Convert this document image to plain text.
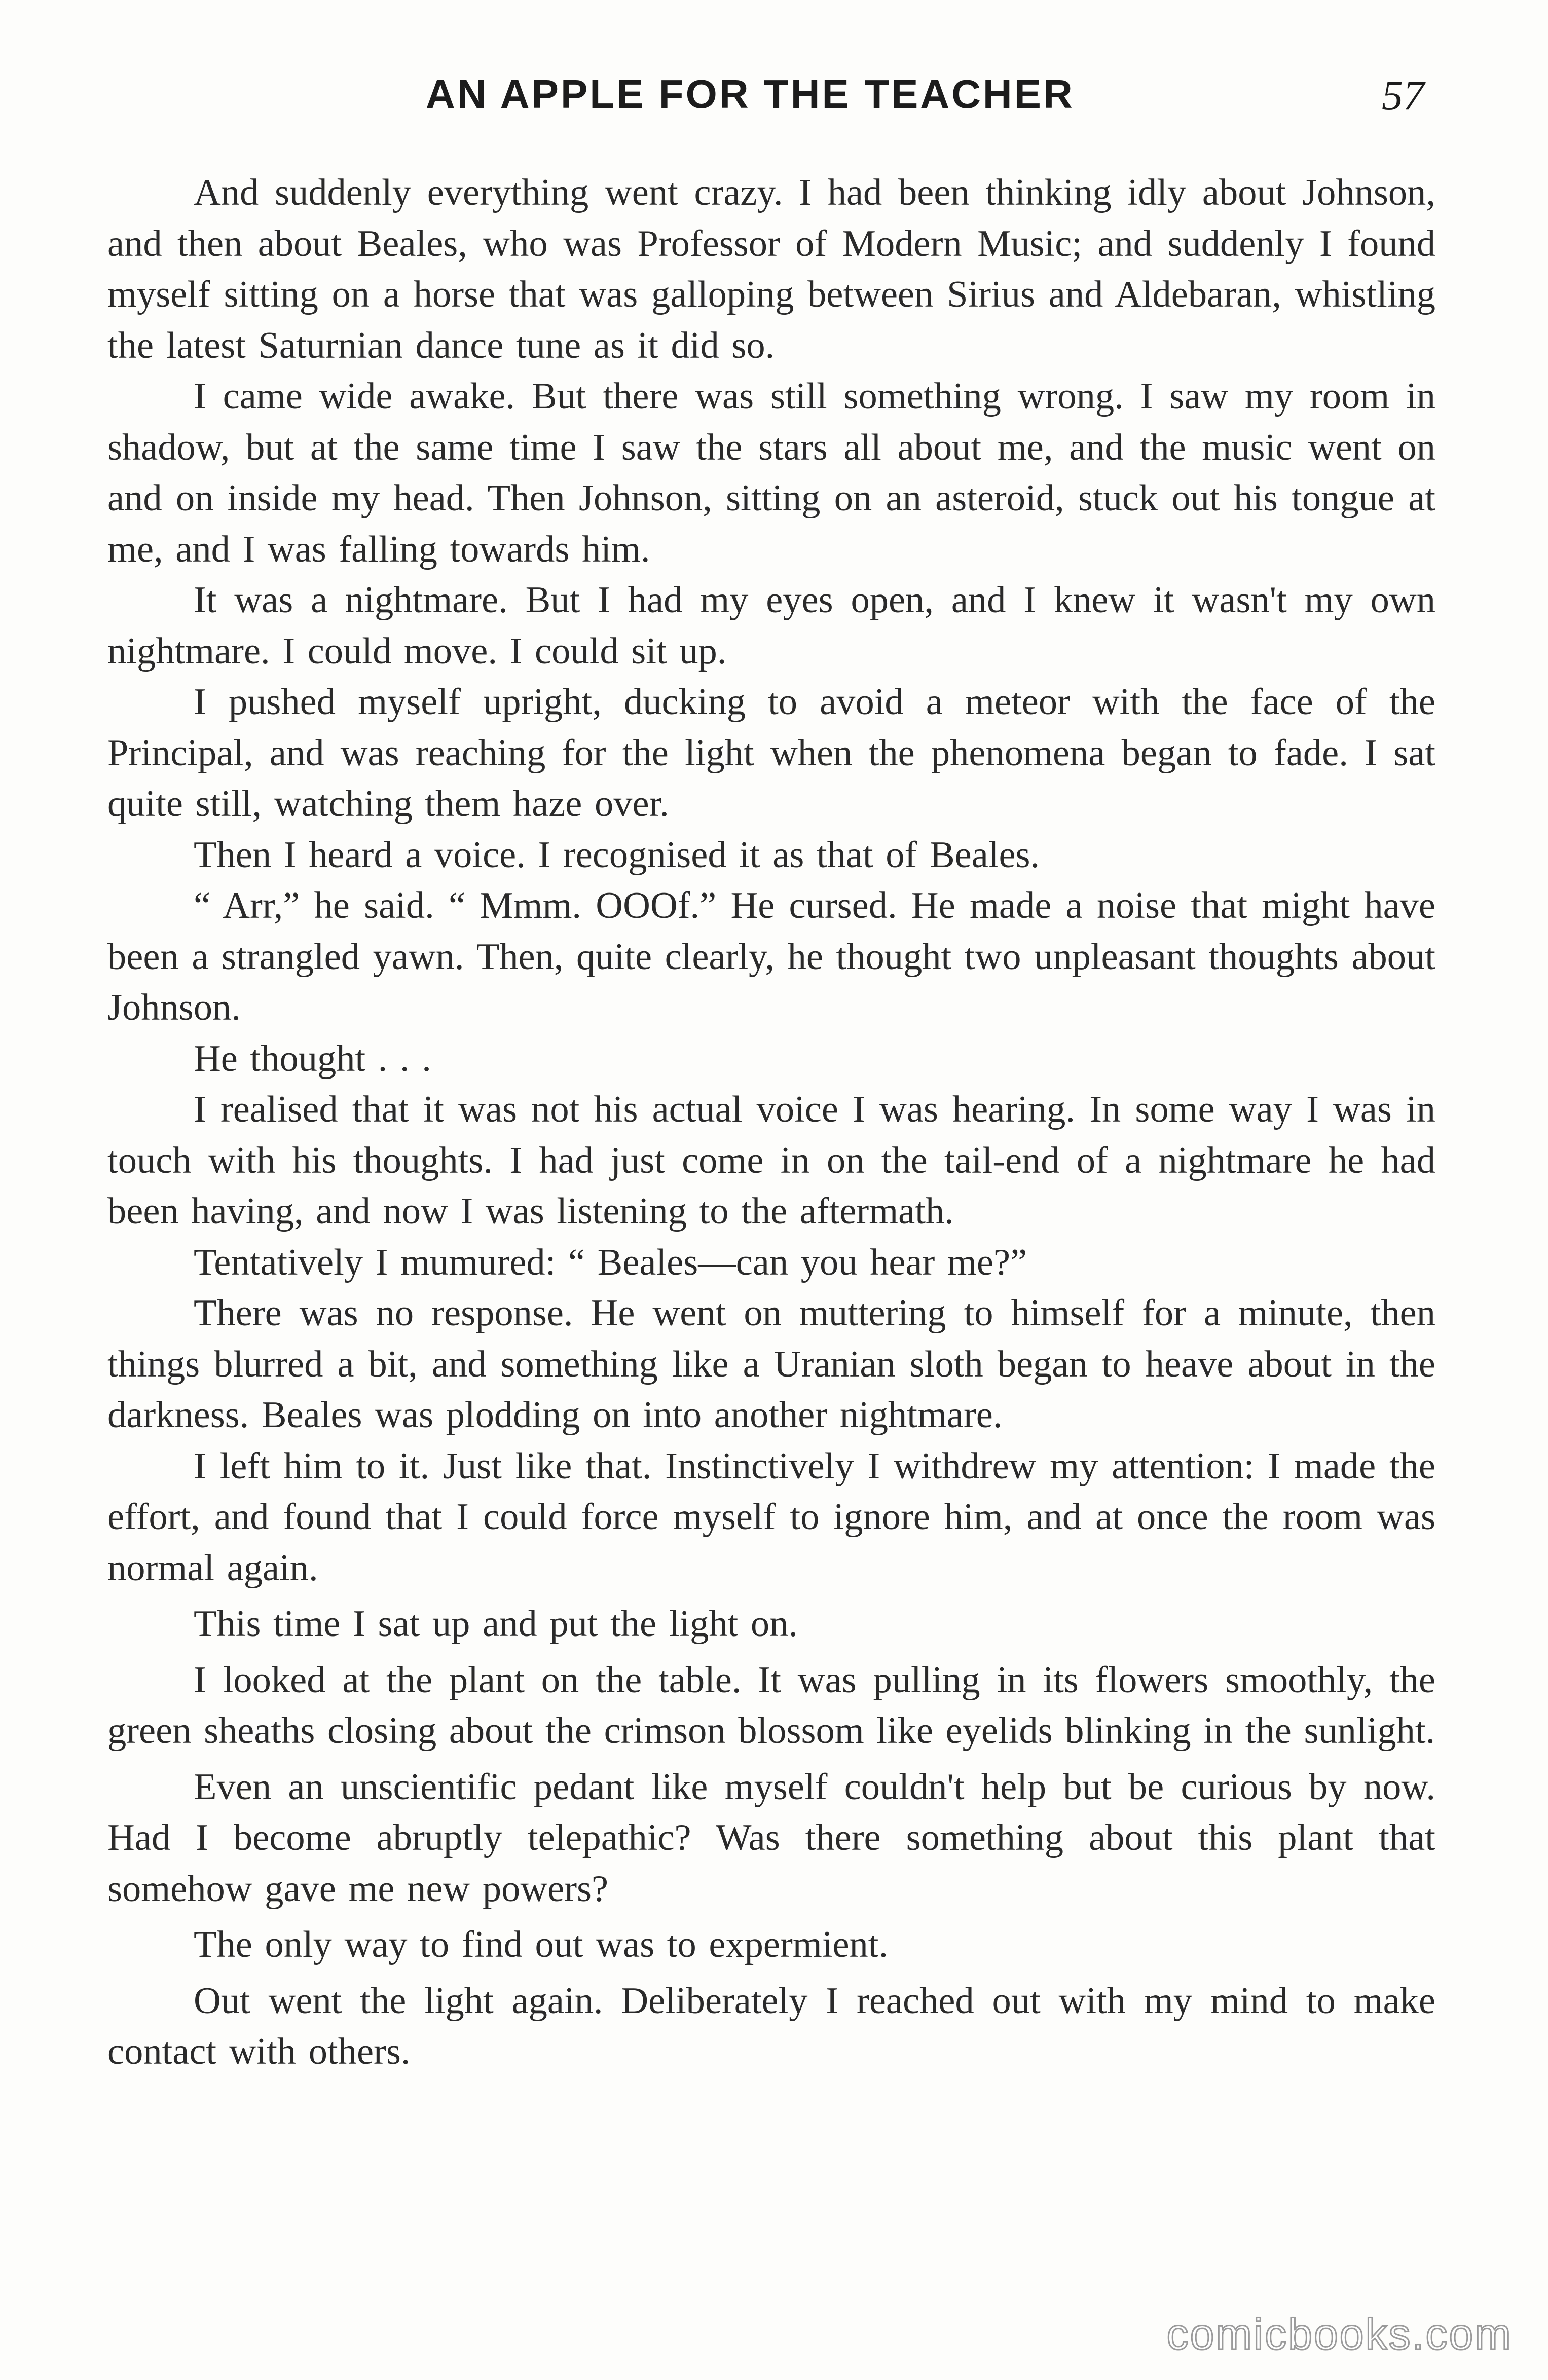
AN APPLE FOR THE TEACHER	57

And suddenly everything went crazy. I had been thinking idly about Johnson, and then about Beales, who was Professor of Modern Music; and suddenly I found myself sitting on a horse that was galloping between Sirius and Aldebaran, whistling the latest Saturnian dance tune as it did so.

I came wide awake. But there was still something wrong. I saw my room in shadow, but at the same time I saw the stars all about me, and the music went on and on inside my head. Then Johnson, sitting on an asteroid, stuck out his tongue at me, and I was falling towards him.

It was a nightmare. But I had my eyes open, and I knew it wasn't my own nightmare. I could move. I could sit up.

I pushed myself upright, ducking to avoid a meteor with the face of the Principal, and was reaching for the light when the phenomena began to fade. I sat quite still, watching them haze over.

Then I heard a voice. I recognised it as that of Beales.

“ Arr,” he said. “ Mmm. OOOf.” He cursed. He made a noise that might have been a strangled yawn. Then, quite clearly, he thought two unpleasant thoughts about Johnson.

He thought . . .

I realised that it was not his actual voice I was hearing. In some way I was in touch with his thoughts. I had just come in on the tail-end of a nightmare he had been having, and now I was listening to the aftermath.

Tentatively I mumured: “ Beales—can you hear me?”

There was no response. He went on muttering to himself for a minute, then things blurred a bit, and something like a Uranian sloth began to heave about in the darkness. Beales was plodding on into another nightmare.

I left him to it. Just like that. Instinctively I withdrew my attention: I made the effort, and found that I could force myself to ignore him, and at once the room was normal again.

This time I sat up and put the light on.

I looked at the plant on the table. It was pulling in its flowers smoothly, the green sheaths closing about the crimson blossom like eyelids blinking in the sunlight.

Even an unscientific pedant like myself couldn't help but be curious by now. Had I become abruptly telepathic? Was there something about this plant that somehow gave me new powers?

The only way to find out was to expermient.

Out went the light again. Deliberately I reached out with my mind to make contact with others.

comicbooks.com
